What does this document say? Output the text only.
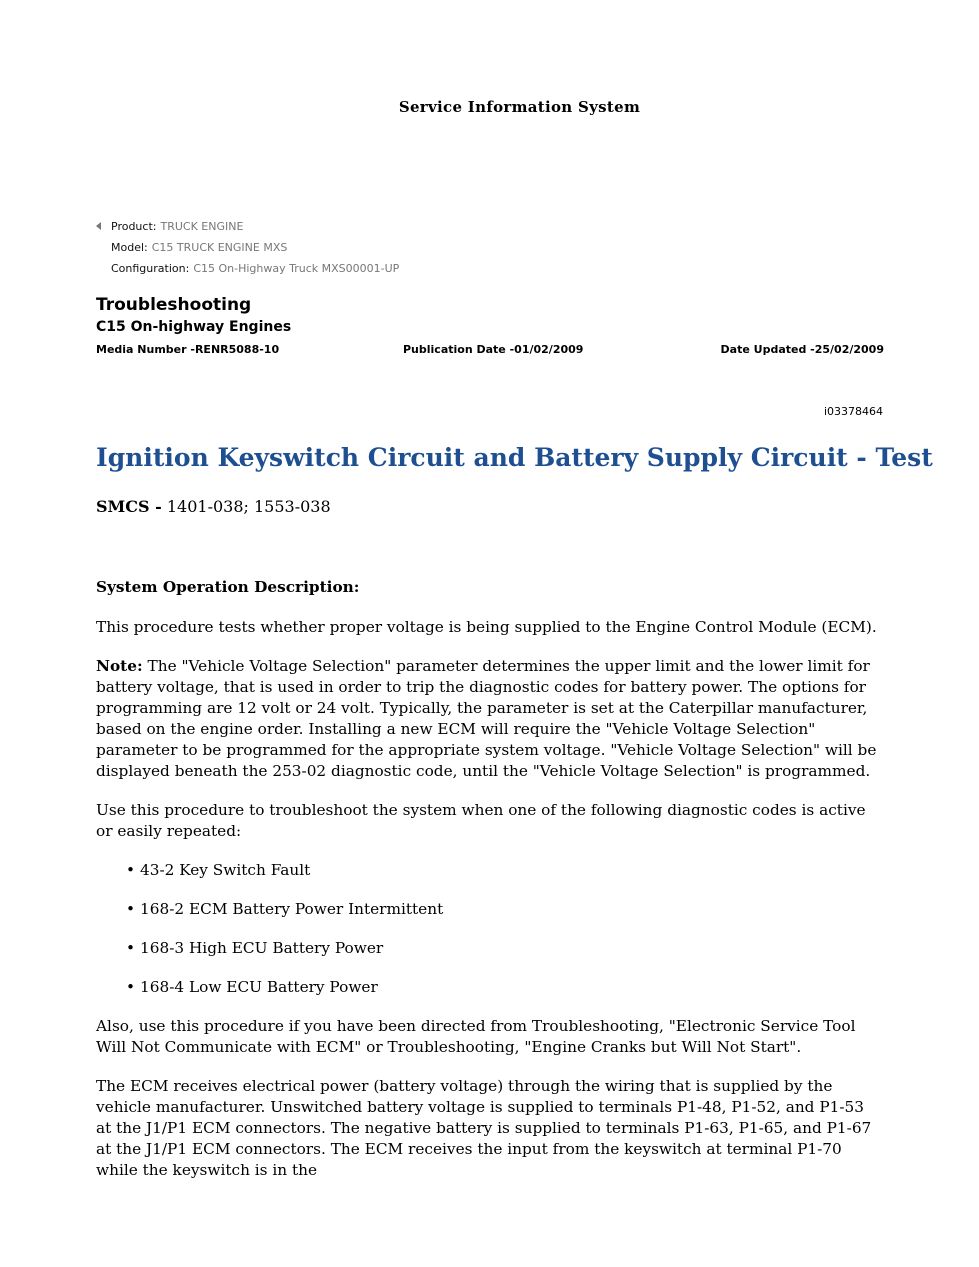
Service Information System
Product: TRUCK ENGINE
Model: C15 TRUCK ENGINE MXS
Configuration: C15 On-Highway Truck MXS00001-UP
Troubleshooting
C15 On-highway Engines
Media Number -RENR5088-10	Publication Date -01/02/2009	Date Updated -25/02/2009
i03378464
Ignition Keyswitch Circuit and Battery Supply Circuit - Test
SMCS - 1401-038; 1553-038

System Operation Description:

This procedure tests whether proper voltage is being supplied to the Engine Control Module (ECM).

Note: The "Vehicle Voltage Selection" parameter determines the upper limit and the lower limit for battery voltage, that is used in order to trip the diagnostic codes for battery power. The options for programming are 12 volt or 24 volt. Typically, the parameter is set at the Caterpillar manufacturer, based on the engine order. Installing a new ECM will require the "Vehicle Voltage Selection" parameter to be programmed for the appropriate system voltage. "Vehicle Voltage Selection" will be displayed beneath the 253-02 diagnostic code, until the "Vehicle Voltage Selection" is programmed.

Use this procedure to troubleshoot the system when one of the following diagnostic codes is active or easily repeated:

• 43-2 Key Switch Fault
• 168-2 ECM Battery Power Intermittent
• 168-3 High ECU Battery Power
• 168-4 Low ECU Battery Power

Also, use this procedure if you have been directed from Troubleshooting, "Electronic Service Tool Will Not Communicate with ECM" or Troubleshooting, "Engine Cranks but Will Not Start".

The ECM receives electrical power (battery voltage) through the wiring that is supplied by the vehicle manufacturer. Unswitched battery voltage is supplied to terminals P1-48, P1-52, and P1-53 at the J1/P1 ECM connectors. The negative battery is supplied to terminals P1-63, P1-65, and P1-67 at the J1/P1 ECM connectors. The ECM receives the input from the keyswitch at terminal P1-70 while the keyswitch is in the
